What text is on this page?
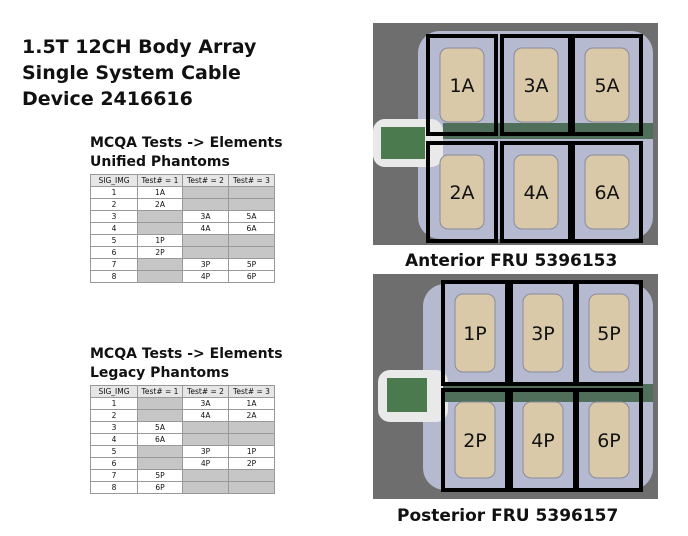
1.5T 12CH Body Array
Single System Cable
Device 2416616
MCQA Tests -> Elements
Unified Phantoms
SIG_IMG	Test# = 1	Test# = 2	Test# = 3
1	1A		
2	2A		
3		3A	5A
4		4A	6A
5	1P		
6	2P		
7		3P	5P
8		4P	6P
MCQA Tests -> Elements
Legacy Phantoms
SIG_IMG	Test# = 1	Test# = 2	Test# = 3
1		3A	1A
2		4A	2A
3	5A		
4	6A		
5		3P	1P
6		4P	2P
7	5P		
8	6P		
1A	3A 5A
2A	4A 6A
Anterior FRU 5396153
1P 3P 5P
2P 4P 6P
Posterior FRU 5396157
